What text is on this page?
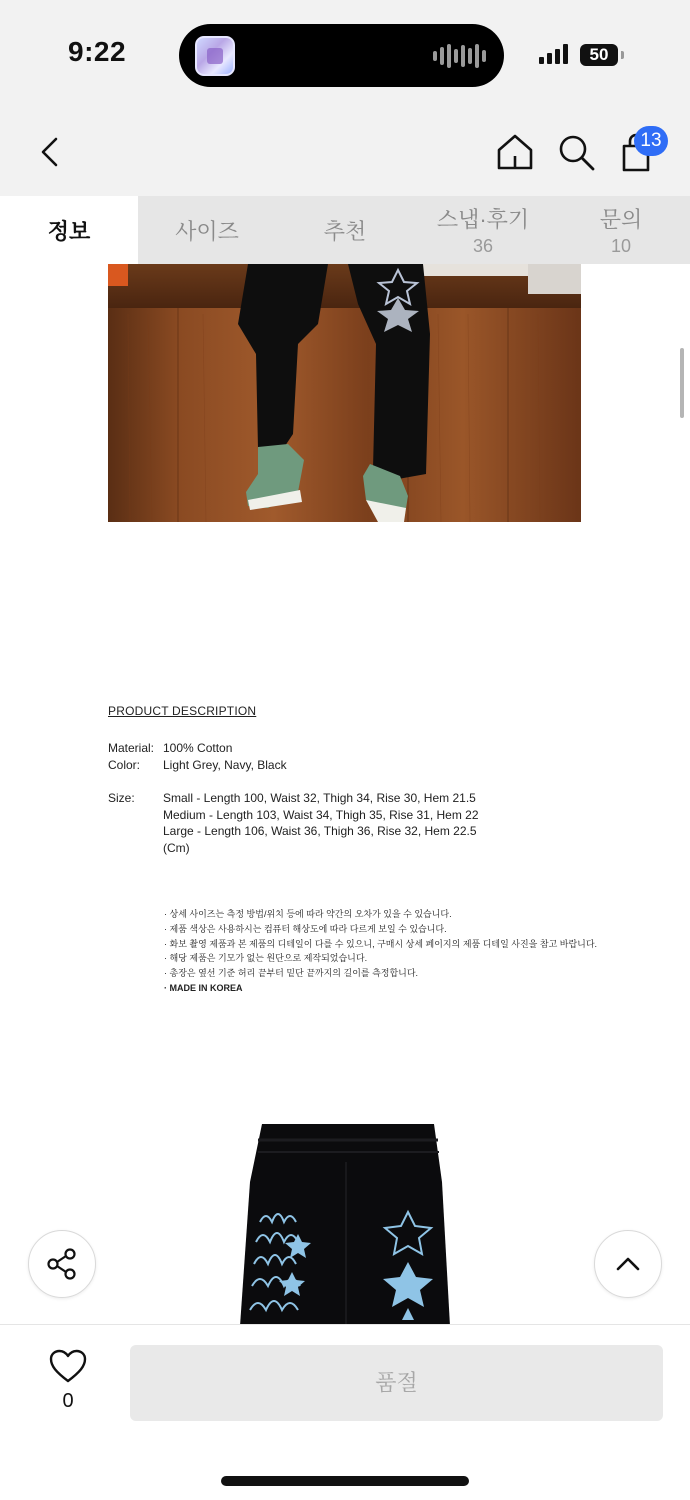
9:22	50
13
정보	사이즈	추천	스냅·후기
36
문의
10
PRODUCT DESCRIPTION
Material: 100% Cotton
Color: Light Grey, Navy, Black
Size: Small - Length 100, Waist 32, Thigh 34, Rise 30, Hem 21.5
Medium - Length 103, Waist 34, Thigh 35, Rise 31, Hem 22
Large - Length 106, Waist 36, Thigh 36, Rise 32, Hem 22.5
(Cm)
· 상세 사이즈는 측정 방법/위치 등에 따라 약간의 오차가 있을 수 있습니다.
· 제품 색상은 사용하시는 컴퓨터 해상도에 따라 다르게 보일 수 있습니다.
· 화보 촬영 제품과 본 제품의 디테일이 다를 수 있으니, 구매시 상세 페이지의 제품 디테일 사진을 참고 바랍니다.
· 해당 제품은 기모가 없는 원단으로 제작되었습니다.
· 총장은 옆선 기준 허리 끝부터 밑단 끝까지의 길이를 측정합니다.
· MADE IN KOREA
0
품절
